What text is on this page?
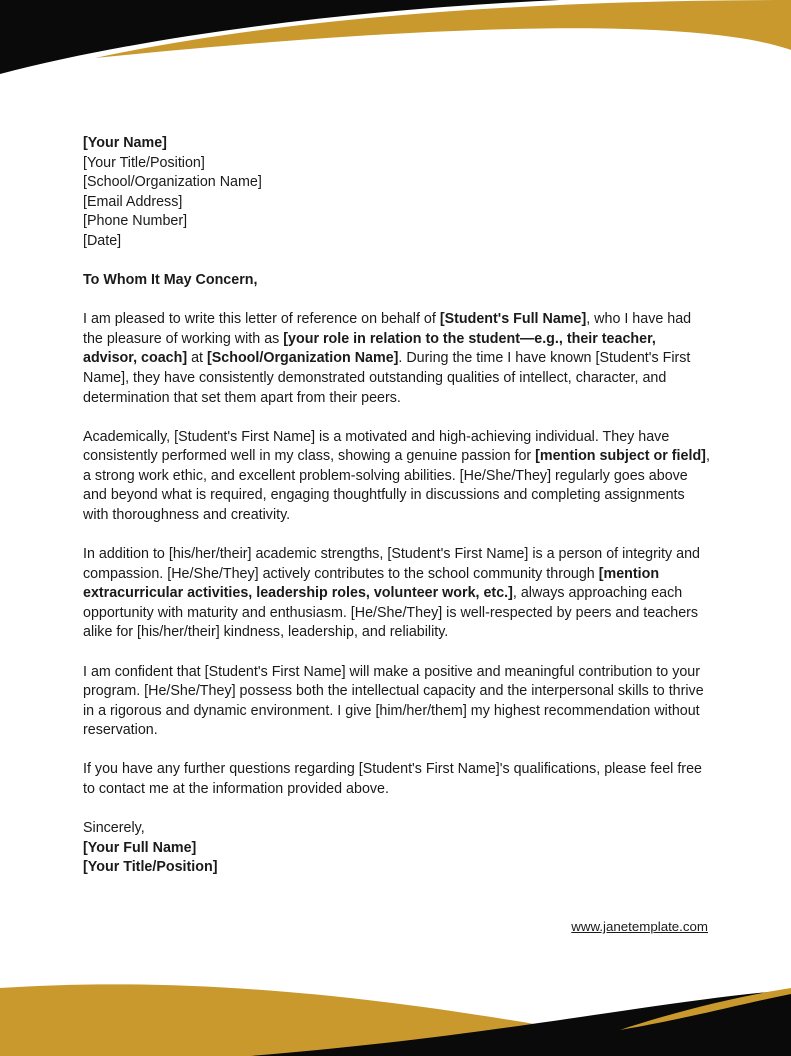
[Your Name]
[Your Title/Position]
[School/Organization Name]
[Email Address]
[Phone Number]
[Date]
To Whom It May Concern,

I am pleased to write this letter of reference on behalf of [Student's Full Name], who I have had the pleasure of working with as [your role in relation to the student—e.g., their teacher, advisor, coach] at [School/Organization Name]. During the time I have known [Student's First Name], they have consistently demonstrated outstanding qualities of intellect, character, and determination that set them apart from their peers.

Academically, [Student's First Name] is a motivated and high-achieving individual. They have consistently performed well in my class, showing a genuine passion for [mention subject or field], a strong work ethic, and excellent problem-solving abilities. [He/She/They] regularly goes above and beyond what is required, engaging thoughtfully in discussions and completing assignments with thoroughness and creativity.

In addition to [his/her/their] academic strengths, [Student's First Name] is a person of integrity and compassion. [He/She/They] actively contributes to the school community through [mention extracurricular activities, leadership roles, volunteer work, etc.], always approaching each opportunity with maturity and enthusiasm. [He/She/They] is well-respected by peers and teachers alike for [his/her/their] kindness, leadership, and reliability.

I am confident that [Student's First Name] will make a positive and meaningful contribution to your program. [He/She/They] possess both the intellectual capacity and the interpersonal skills to thrive in a rigorous and dynamic environment. I give [him/her/them] my highest recommendation without reservation.

If you have any further questions regarding [Student's First Name]'s qualifications, please feel free to contact me at the information provided above.

Sincerely,
[Your Full Name]
[Your Title/Position]
www.janetemplate.com
